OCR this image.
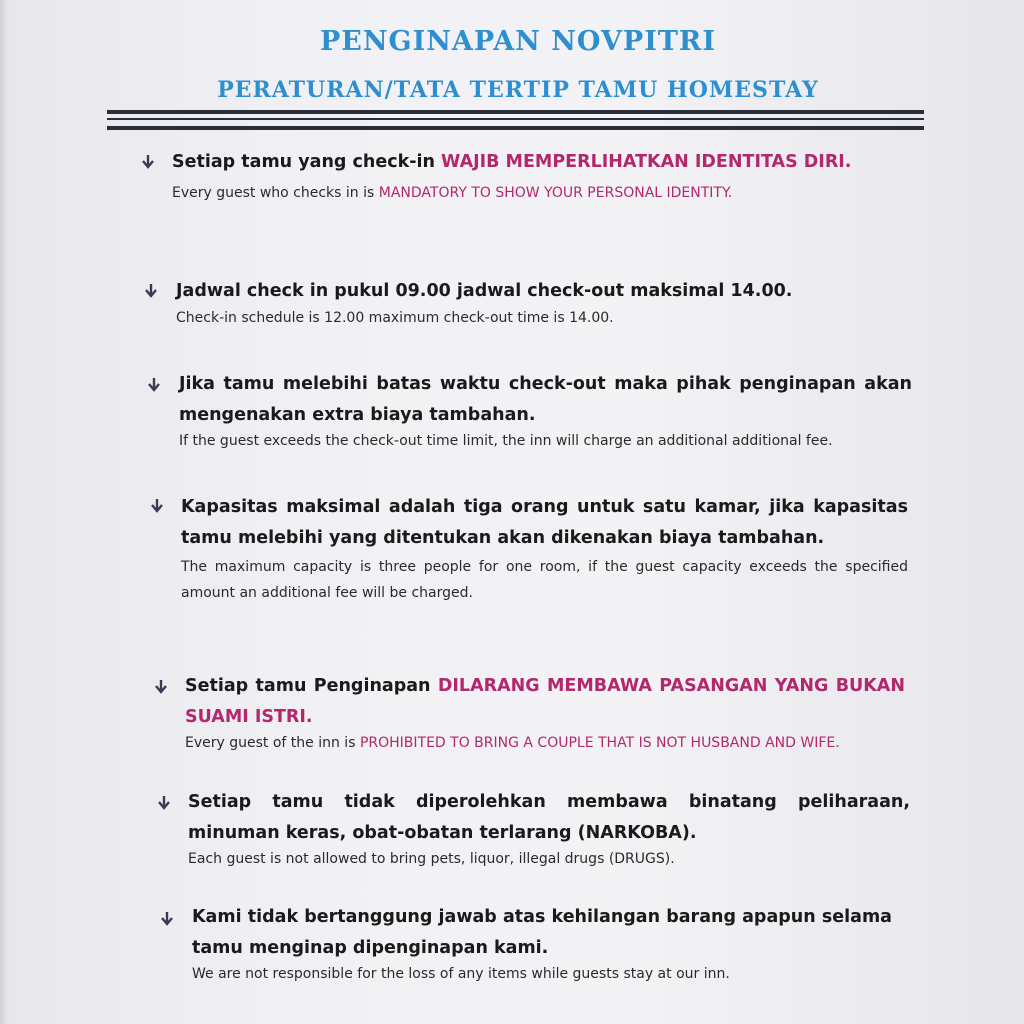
PENGINAPAN NOVPITRI
PERATURAN/TATA TERTIP TAMU HOMESTAY

Setiap tamu yang check-in WAJIB MEMPERLIHATKAN IDENTITAS DIRI.

Every guest who checks in is MANDATORY TO SHOW YOUR PERSONAL IDENTITY.

Jadwal check in pukul 09.00 jadwal check-out maksimal 14.00.

Check-in schedule is 12.00 maximum check-out time is 14.00.

Jika tamu melebihi batas waktu check-out maka pihak penginapan akan mengenakan extra biaya tambahan.

If the guest exceeds the check-out time limit, the inn will charge an additional additional fee.

Kapasitas maksimal adalah tiga orang untuk satu kamar, jika kapasitas tamu melebihi yang ditentukan akan dikenakan biaya tambahan.

The maximum capacity is three people for one room, if the guest capacity exceeds the specified amount an additional fee will be charged.

Setiap tamu Penginapan DILARANG MEMBAWA PASANGAN YANG BUKAN SUAMI ISTRI.

Every guest of the inn is PROHIBITED TO BRING A COUPLE THAT IS NOT HUSBAND AND WIFE.

Setiap tamu tidak diperolehkan membawa binatang peliharaan, minuman keras, obat-obatan terlarang (NARKOBA).

Each guest is not allowed to bring pets, liquor, illegal drugs (DRUGS).

Kami tidak bertanggung jawab atas kehilangan barang apapun selama tamu menginap dipenginapan kami.

We are not responsible for the loss of any items while guests stay at our inn.
